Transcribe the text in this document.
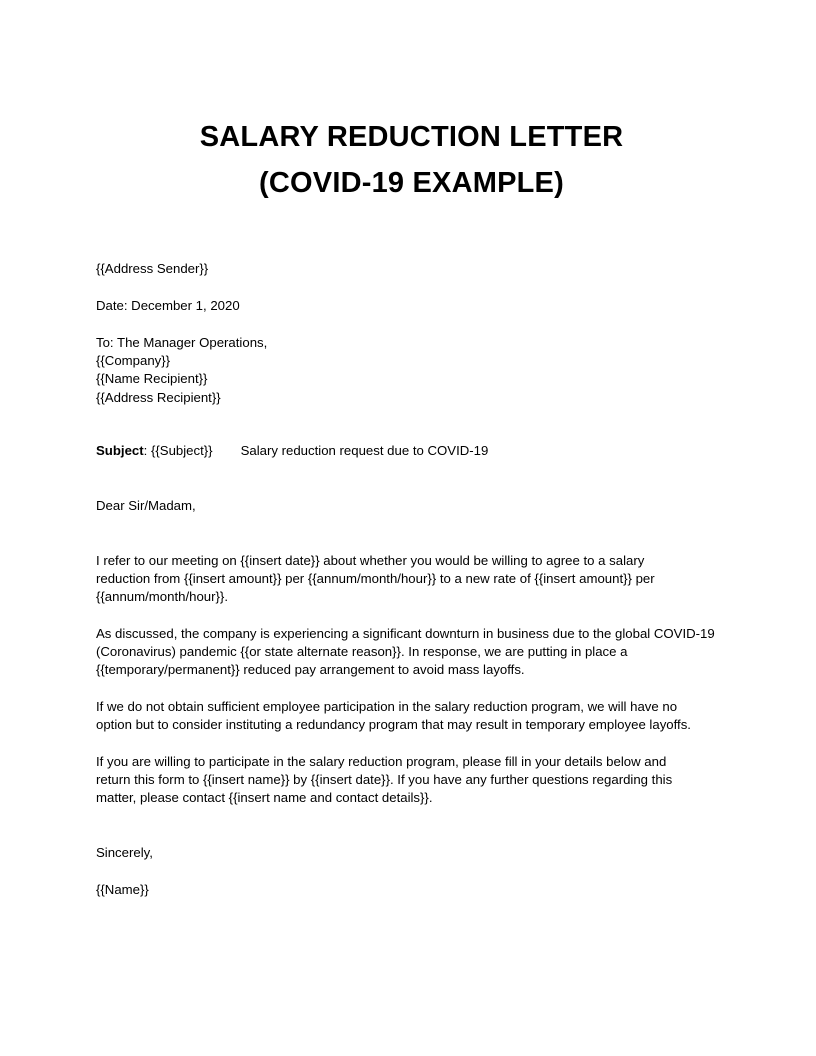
SALARY REDUCTION LETTER
(COVID-19 EXAMPLE)
{{Address Sender}}
Date: December 1, 2020
To: The Manager Operations,
{{Company}}
{{Name Recipient}}
{{Address Recipient}}
Subject: {{Subject}} Salary reduction request due to COVID-19
Dear Sir/Madam,
I refer to our meeting on {{insert date}} about whether you would be willing to agree to a salary
reduction from {{insert amount}} per {{annum/month/hour}} to a new rate of {{insert amount}} per
{{annum/month/hour}}.
As discussed, the company is experiencing a significant downturn in business due to the global COVID-19
(Coronavirus) pandemic {{or state alternate reason}}. In response, we are putting in place a
{{temporary/permanent}} reduced pay arrangement to avoid mass layoffs.
If we do not obtain sufficient employee participation in the salary reduction program, we will have no
option but to consider instituting a redundancy program that may result in temporary employee layoffs.
If you are willing to participate in the salary reduction program, please fill in your details below and
return this form to {{insert name}} by {{insert date}}. If you have any further questions regarding this
matter, please contact {{insert name and contact details}}.
Sincerely,
{{Name}}
